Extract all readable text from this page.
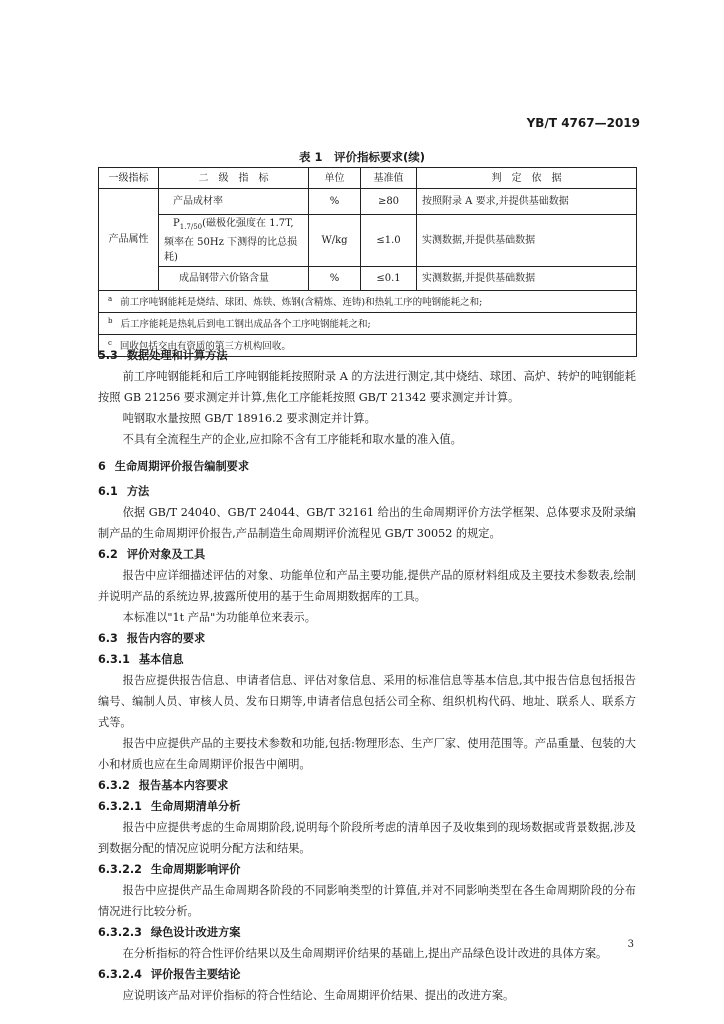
YB/T 4767—2019
表 1　评价指标要求(续)
一级指标	二　级　指　标	单位	基准值	判　定　依　据
产品属性	产品成材率	%	≥80	按照附录 A 要求,并提供基础数据
	$P_{1.7/50}$(磁极化强度在 1.7T,频率在 50Hz 下测得的比总损耗)	W/kg	≤1.0	实测数据,并提供基础数据
	成品钢带六价铬含量	%	≤0.1	实测数据,并提供基础数据
$^a$ 前工序吨钢能耗是烧结、球团、炼铁、炼钢(含精炼、连铸)和热轧工序的吨钢能耗之和;				
$^b$ 后工序能耗是热轧后到电工钢出成品各个工序吨钢能耗之和;				
$^c$ 回收包括交由有资质的第三方机构回收。				
5.3 数据处理和计算方法

前工序吨钢能耗和后工序吨钢能耗按照附录 A 的方法进行测定,其中烧结、球团、高炉、转炉的吨钢能耗按照 GB 21256 要求测定并计算,焦化工序能耗按照 GB/T 21342 要求测定并计算。

吨钢取水量按照 GB/T 18916.2 要求测定并计算。

不具有全流程生产的企业,应扣除不含有工序能耗和取水量的准入值。

6 生命周期评价报告编制要求
6.1 方法

依据 GB/T 24040、GB/T 24044、GB/T 32161 给出的生命周期评价方法学框架、总体要求及附录编制产品的生命周期评价报告,产品制造生命周期评价流程见 GB/T 30052 的规定。

6.2 评价对象及工具

报告中应详细描述评估的对象、功能单位和产品主要功能,提供产品的原材料组成及主要技术参数表,绘制并说明产品的系统边界,披露所使用的基于生命周期数据库的工具。

本标准以"1t 产品"为功能单位来表示。

6.3 报告内容的要求
6.3.1 基本信息

报告应提供报告信息、申请者信息、评估对象信息、采用的标准信息等基本信息,其中报告信息包括报告编号、编制人员、审核人员、发布日期等,申请者信息包括公司全称、组织机构代码、地址、联系人、联系方式等。

报告中应提供产品的主要技术参数和功能,包括:物理形态、生产厂家、使用范围等。产品重量、包装的大小和材质也应在生命周期评价报告中阐明。

6.3.2 报告基本内容要求
6.3.2.1 生命周期清单分析

报告中应提供考虑的生命周期阶段,说明每个阶段所考虑的清单因子及收集到的现场数据或背景数据,涉及到数据分配的情况应说明分配方法和结果。

6.3.2.2 生命周期影响评价

报告中应提供产品生命周期各阶段的不同影响类型的计算值,并对不同影响类型在各生命周期阶段的分布情况进行比较分析。

6.3.2.3 绿色设计改进方案

在分析指标的符合性评价结果以及生命周期评价结果的基础上,提出产品绿色设计改进的具体方案。

6.3.2.4 评价报告主要结论

应说明该产品对评价指标的符合性结论、生命周期评价结果、提出的改进方案。

3
